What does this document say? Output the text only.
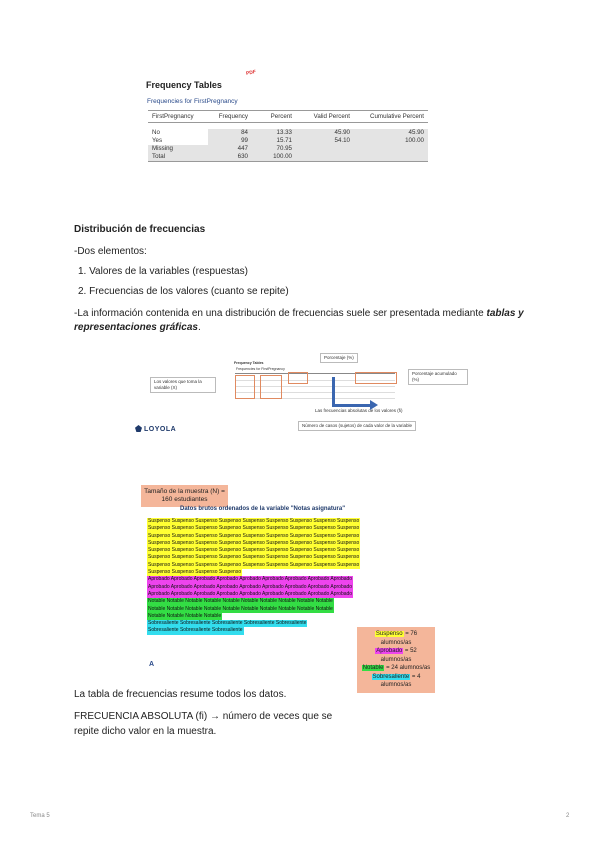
Frequency Tables
PDF
Frequencies for FirstPregnancy
FirstPregnancy	Frequency	Percent	Valid Percent	Cumulative Percent

No	84	13.33	45.90	45.90
Yes	99	15.71	54.10	100.00
Missing	447	70.95		
Total	630	100.00		
Distribución de frecuencias
-Dos elementos:
1. Valores de la variables (respuestas)
2. Frecuencias de los valores (cuanto se repite)
-La información contenida en una distribución de frecuencias suele ser presentada mediante tablas y representaciones gráficas.
Frequency Tables
Frequencies for FirstPregnancy
Los valores que toma la variable (X)
Porcentaje (%)
Porcentaje acumulado (%)
Las frecuencias absolutas de los valores (fi)
Número de casos (sujetos) de cada valor de la variable
LOYOLA
Tamaño de la muestra (N) = 160 estudiantes
Datos brutos ordenados de la variable "Notas asignatura"
Suspenso Suspenso Suspenso Suspenso Suspenso Suspenso Suspenso Suspenso Suspenso
Suspenso Suspenso Suspenso Suspenso Suspenso Suspenso Suspenso Suspenso Suspenso
Suspenso Suspenso Suspenso Suspenso Suspenso Suspenso Suspenso Suspenso Suspenso
Suspenso Suspenso Suspenso Suspenso Suspenso Suspenso Suspenso Suspenso Suspenso
Suspenso Suspenso Suspenso Suspenso Suspenso Suspenso Suspenso Suspenso Suspenso
Suspenso Suspenso Suspenso Suspenso Suspenso Suspenso Suspenso Suspenso Suspenso
Suspenso Suspenso Suspenso Suspenso Suspenso Suspenso Suspenso Suspenso Suspenso
Suspenso Suspenso Suspenso Suspenso
Aprobado Aprobado Aprobado Aprobado Aprobado Aprobado Aprobado Aprobado Aprobado
Aprobado Aprobado Aprobado Aprobado Aprobado Aprobado Aprobado Aprobado Aprobado
Aprobado Aprobado Aprobado Aprobado Aprobado Aprobado Aprobado Aprobado Aprobado
Notable Notable Notable Notable Notable Notable Notable Notable Notable Notable
Notable Notable Notable Notable Notable Notable Notable Notable Notable Notable
Notable Notable Notable Notable
Sobresaliente Sobresaliente Sobresaliente Sobresaliente Sobresaliente
Sobresaliente Sobresaliente Sobresaliente
Suspenso = 76 alumnos/as
Aprobado = 52 alumnos/as
Notable = 24 alumnos/as
Sobresaliente = 4 alumnos/as
A
La tabla de frecuencias resume todos los datos.
FRECUENCIA ABSOLUTA (fi) → número de veces que se repite dicho valor en la muestra.
Tema 5	2
